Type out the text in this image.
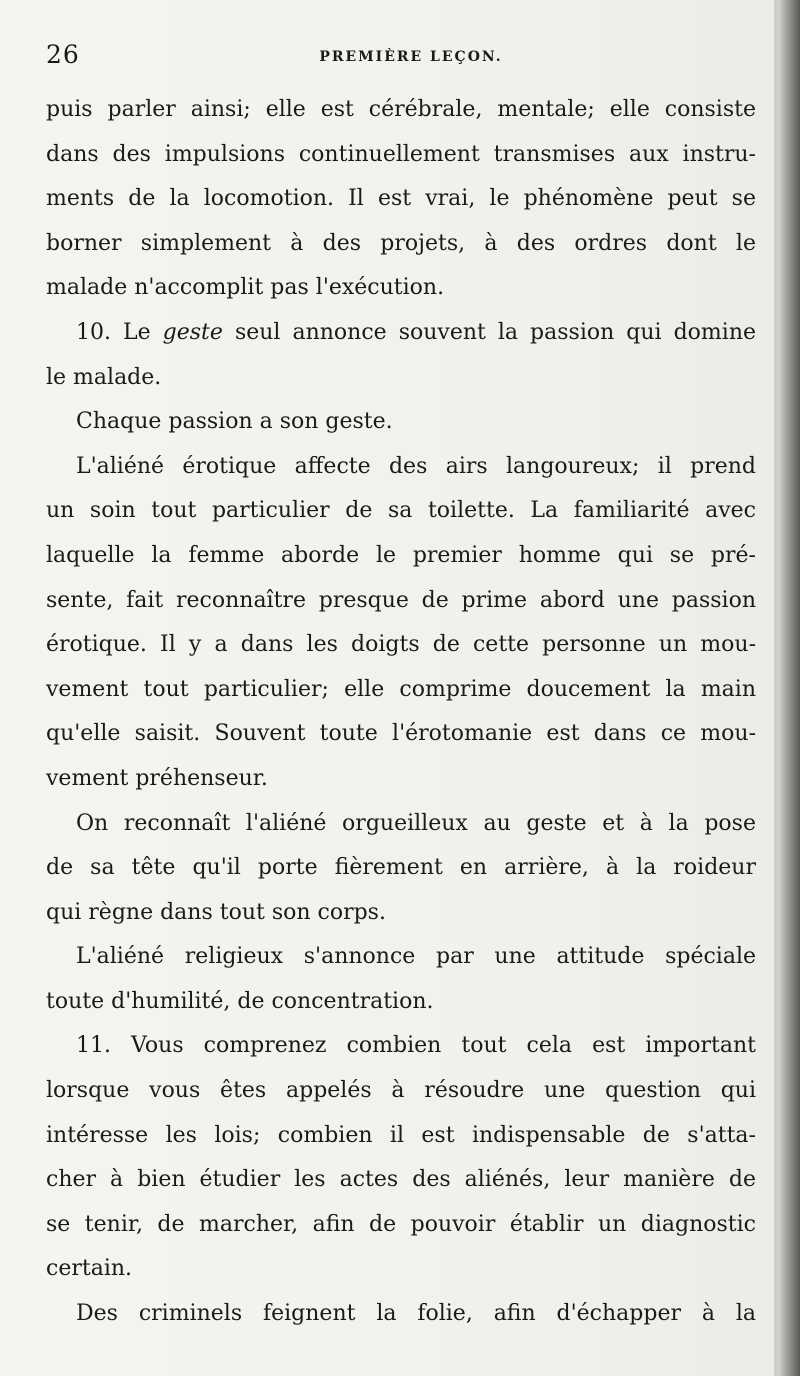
26	PREMIÈRE LEÇON.
puis parler ainsi; elle est cérébrale, mentale; elle consiste
dans des impulsions continuellement transmises aux instru-
ments de la locomotion. Il est vrai, le phénomène peut se
borner simplement à des projets, à des ordres dont le
malade n'accomplit pas l'exécution.
10. Le geste seul annonce souvent la passion qui domine
le malade.
Chaque passion a son geste.
L'aliéné érotique affecte des airs langoureux; il prend
un soin tout particulier de sa toilette. La familiarité avec
laquelle la femme aborde le premier homme qui se pré-
sente, fait reconnaître presque de prime abord une passion
érotique. Il y a dans les doigts de cette personne un mou-
vement tout particulier; elle comprime doucement la main
qu'elle saisit. Souvent toute l'érotomanie est dans ce mou-
vement préhenseur.
On reconnaît l'aliéné orgueilleux au geste et à la pose
de sa tête qu'il porte fièrement en arrière, à la roideur
qui règne dans tout son corps.
L'aliéné religieux s'annonce par une attitude spéciale
toute d'humilité, de concentration.
11. Vous comprenez combien tout cela est important
lorsque vous êtes appelés à résoudre une question qui
intéresse les lois; combien il est indispensable de s'atta-
cher à bien étudier les actes des aliénés, leur manière de
se tenir, de marcher, afin de pouvoir établir un diagnostic
certain.
Des criminels feignent la folie, afin d'échapper à la
